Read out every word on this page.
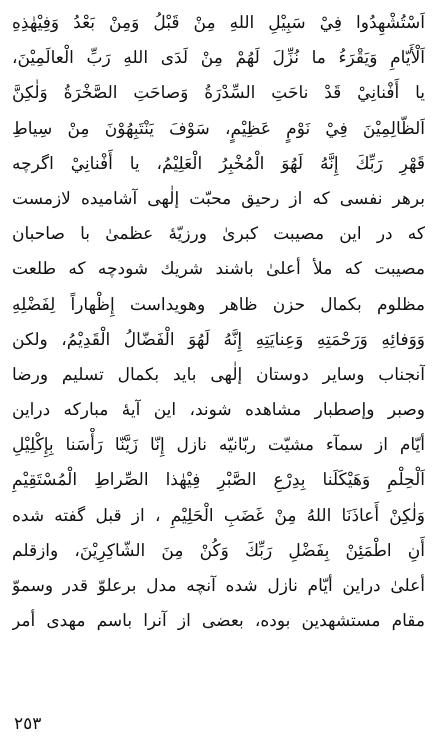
اَسْتُشْهِدُوا فِيْ سَبِيْلِ اللهِ مِنْ قَبْلُ وَمِنْ بَعْدُ وَفِيْهٰذِهِ
اَلْأَيّامِ وَيَقْرَءُ ما نُزِّلَ لَهُمْ مِنْ لَدَى اللهِ رَبِّ الْعالَمِيْنَ،
يا أَفْنانِيْ قَدْ ناحَتِ السِّدْرَةُ وَصاحَتِ الصَّخْرَةُ وَلٰكِنَّ
اَلظّالِمِيْنَ فِيْ نَوْمٍ عَظِيْمٍ، سَوْفَ يَنْتَبِهُوْنَ مِنْ سِياطِ
قَهْرِ رَبِّكَ إِنَّهُ لَهُوَ الْمُخْبِرُ الْعَلِيْمُ، يا أَفْنانِيْ اگرچه
برهر نفسى كه از رحيق محبّت إلٰهى آشاميده لازمست
كه در اين مصيبت كبرىٰ ورزيّهٔ عظمىٰ با صاحبان
مصيبت كه ملأ أعلىٰ باشند شريك شودچه كه طلعت
مظلوم بكمال حزن ظاهر وهويداست إِظْهاراً لِفَضْلِهِ
وَوَفائِهِ وَرَحْمَتِهِ وَعِنايَتِهِ إِنَّهُ لَهُوَ الْفَضّالُ الْقَدِيْمُ، ولكن
آنجناب وساير دوستان إلٰهى بايد بكمال تسليم ورضا
وصبر وإصطبار مشاهده شوند، اين آيهٔ مباركه دراين
أيّام از سمآء مشيّت ربّانيّه نازل إِنّا زَيَّنّا رَأْسَنا بِإِكْلِيْلِ
اَلْحِلْمِ وَهَيْكَلَنا بِدِرْعِ الصَّبْرِ فِيْهٰذا الصِّراطِ الْمُسْتَقِيْمِ
وَلٰكِنْ أَعاذَنَا اللهُ مِنْ غَضَبِ الْحَلِيْمِ ، از قبل گفته شده
أَنِ اطْمَئِنْ بِفَضْلِ رَبِّكَ وَكُنْ مِنَ الشّاكِرِيْنَ، وازقلم
أعلىٰ دراين أيّام نازل شده آنچه مدل برعلوّ قدر وسموّ
مقام مستشهدين بوده، بعضى از آنرا باسم مهدى أمر
٢٥٣
